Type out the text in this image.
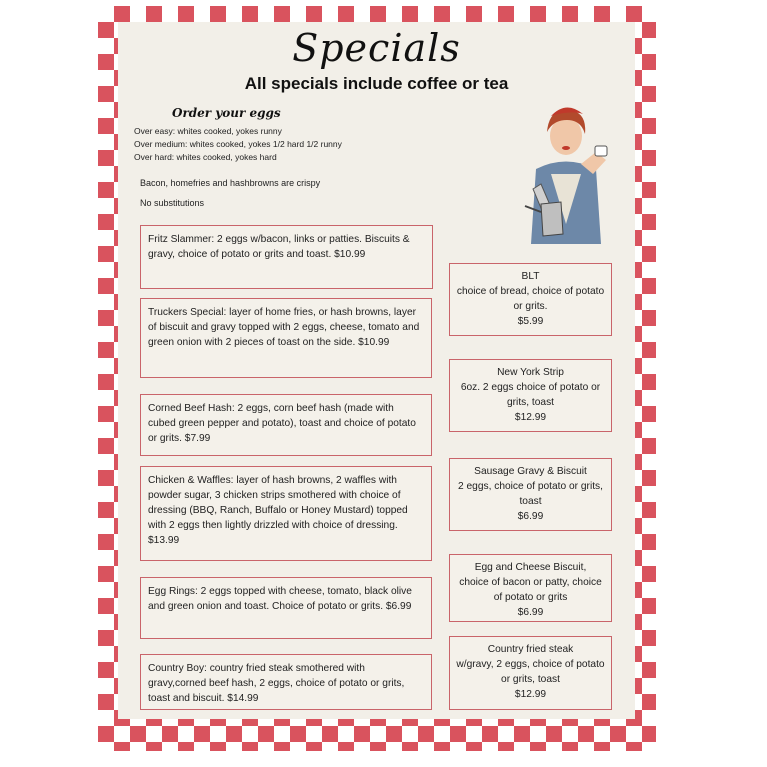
Specials
All specials include coffee or tea
Order your eggs
Over easy: whites cooked, yokes runny
Over medium: whites cooked, yokes 1/2 hard 1/2 runny
Over hard: whites cooked, yokes hard
Bacon, homefries and hashbrowns are crispy
No substitutions
Fritz Slammer: 2 eggs w/bacon, links or patties. Biscuits & gravy, choice of potato or grits and toast. $10.99
Truckers Special: layer of home fries, or hash browns, layer of biscuit and gravy topped with 2 eggs, cheese, tomato and green onion with 2 pieces of toast on the side. $10.99
Corned Beef Hash: 2 eggs, corn beef hash (made with cubed green pepper and potato), toast and choice of potato or grits. $7.99
Chicken & Waffles: layer of hash browns, 2 waffles with powder sugar, 3 chicken strips smothered with choice of dressing (BBQ, Ranch, Buffalo or Honey Mustard) topped with 2 eggs then lightly drizzled with choice of dressing. $13.99
Egg Rings: 2 eggs topped with cheese, tomato, black olive and green onion and toast. Choice of potato or grits. $6.99
Country Boy: country fried steak smothered with gravy,corned beef hash, 2 eggs, choice of potato or grits, toast and biscuit. $14.99
BLT
choice of bread, choice of potato or grits.
$5.99
New York Strip
6oz. 2 eggs choice of potato or grits, toast
$12.99
Sausage Gravy & Biscuit
2 eggs, choice of potato or grits, toast
$6.99
Egg and Cheese Biscuit,
choice of bacon or patty, choice of potato or grits
$6.99
Country fried steak
w/gravy, 2 eggs, choice of potato or grits, toast
$12.99
